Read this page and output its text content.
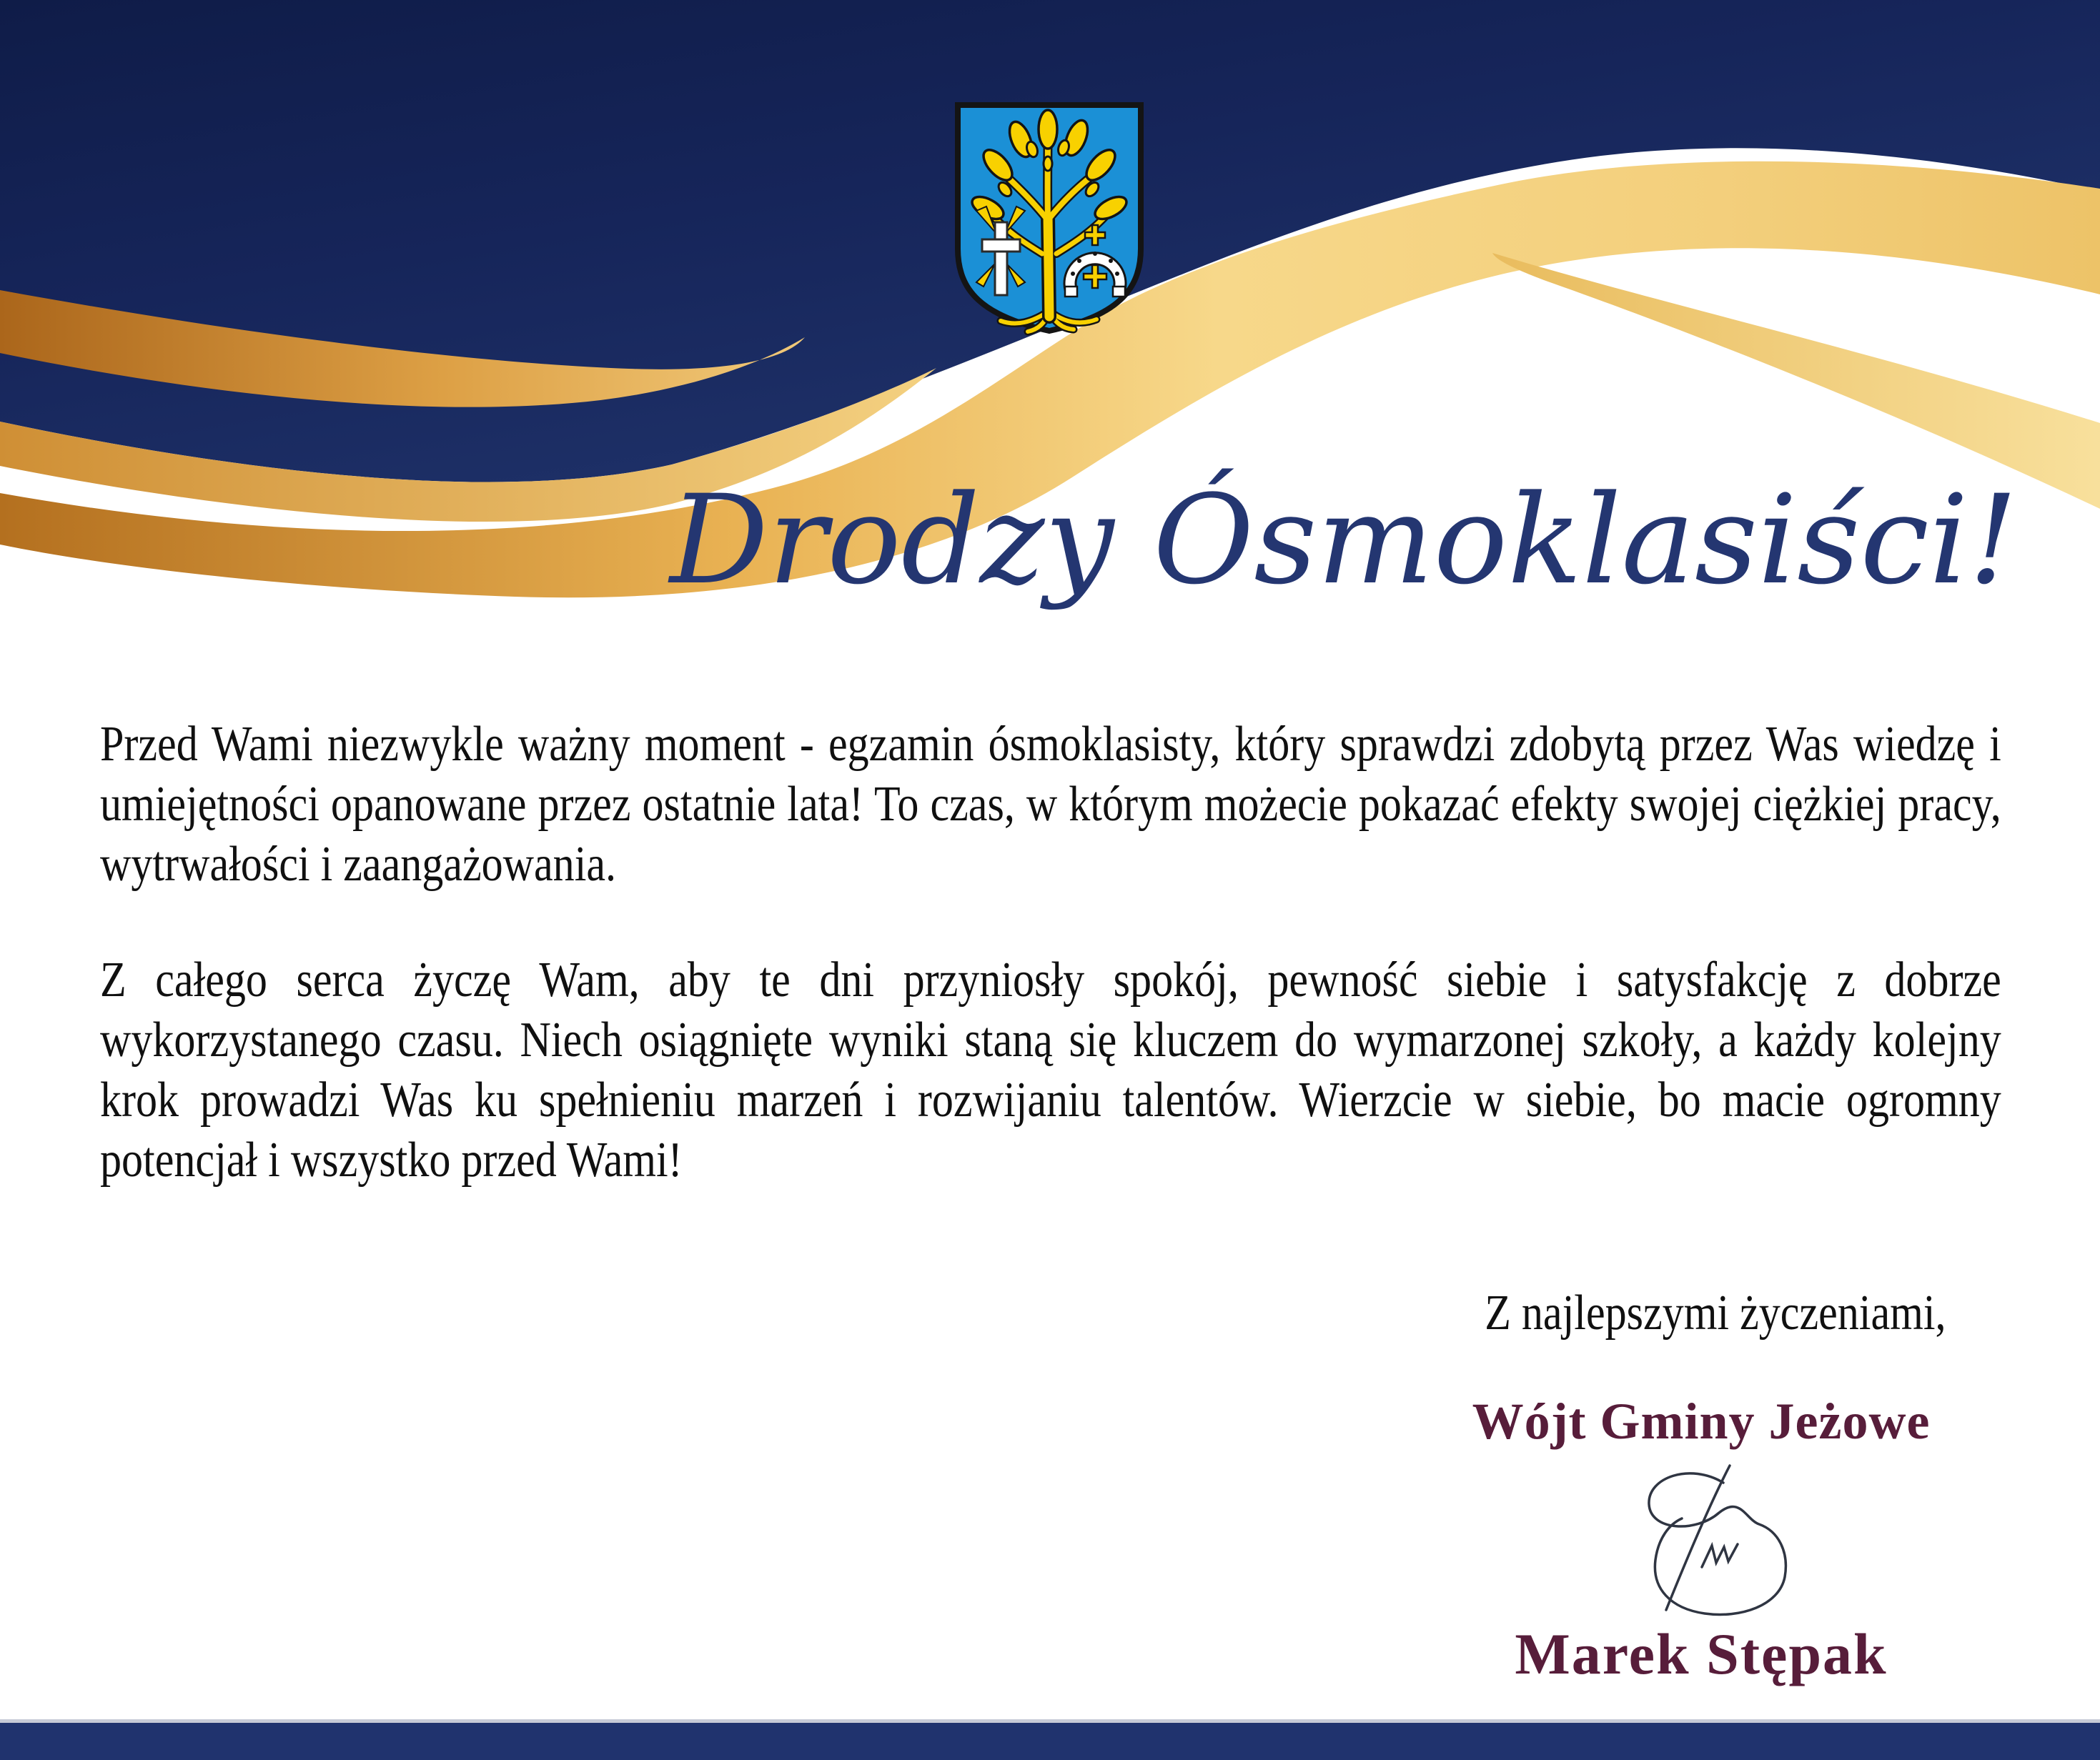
Drodzy Ósmoklasiści!

Przed Wami niezwykle ważny moment - egzamin ósmoklasisty, który sprawdzi zdobytą przez Was wiedzę i umiejętności opanowane przez ostatnie lata! To czas, w którym możecie pokazać efekty swojej ciężkiej pracy, wytrwałości i zaangażowania.

Z całego serca życzę Wam, aby te dni przyniosły spokój, pewność siebie i satysfakcję z dobrze wykorzystanego czasu. Niech osiągnięte wyniki staną się kluczem do wymarzonej szkoły, a każdy kolejny krok prowadzi Was ku spełnieniu marzeń i rozwijaniu talentów. Wierzcie w siebie, bo macie ogromny potencjał i wszystko przed Wami!

Z najlepszymi życzeniami,
Wójt Gminy Jeżowe
Marek Stępak
